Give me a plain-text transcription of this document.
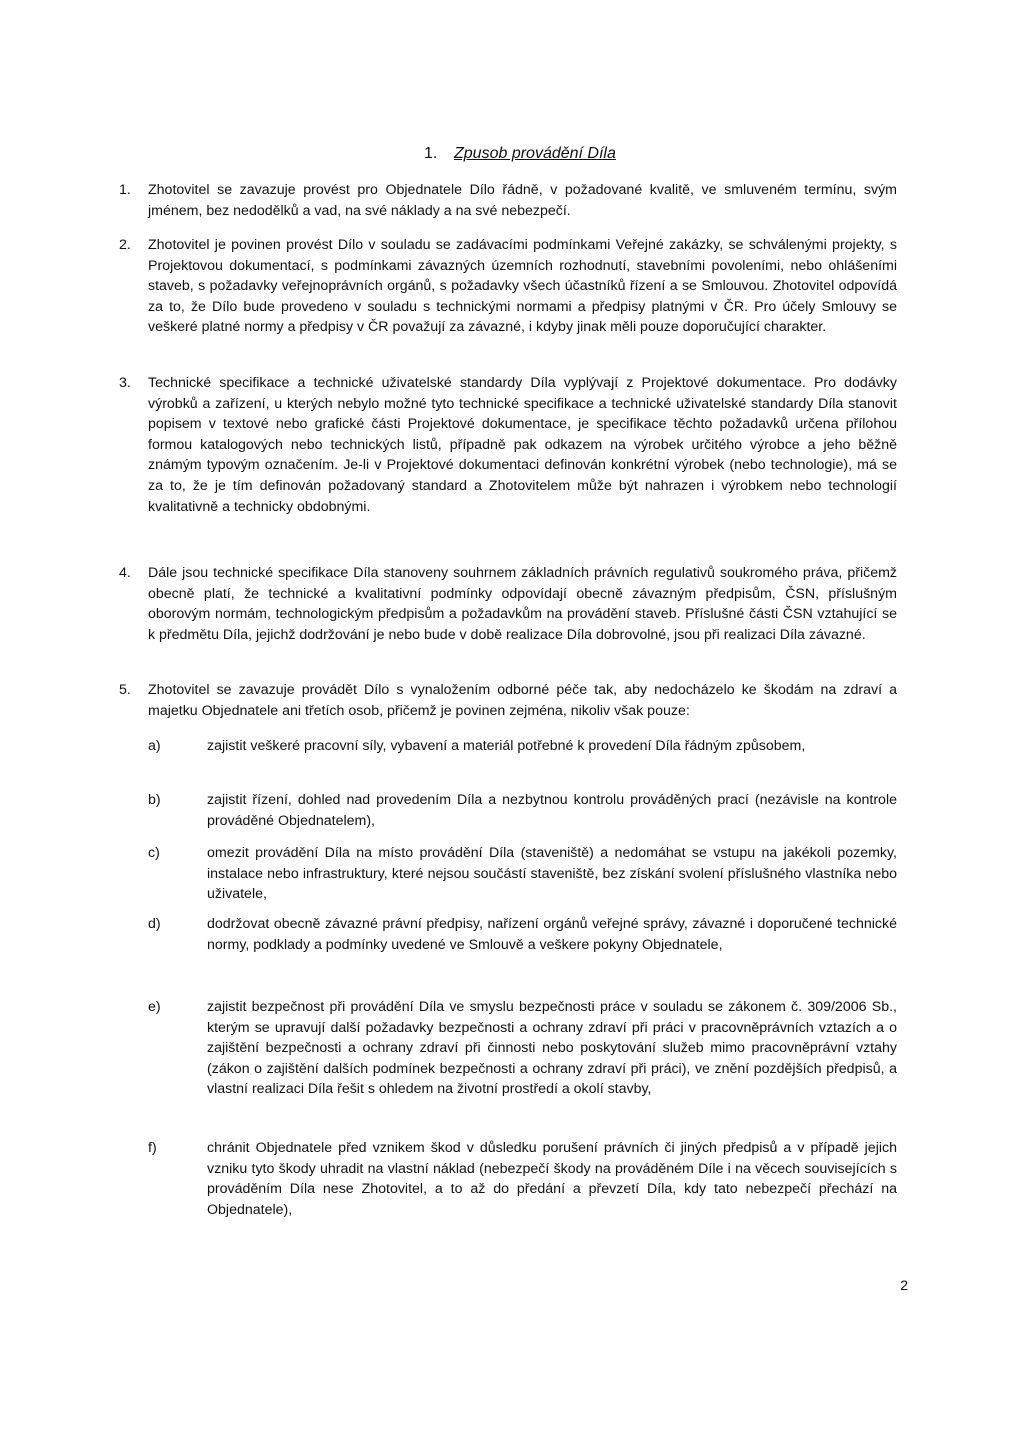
1. Zpusob provádění Díla
1.	Zhotovitel se zavazuje provést pro Objednatele Dílo řádně, v požadované kvalitě, ve smluveném termínu, svým jménem, bez nedodělků a vad, na své náklady a na své nebezpečí.
2.	Zhotovitel je povinen provést Dílo v souladu se zadávacími podmínkami Veřejné zakázky, se schválenými projekty, s Projektovou dokumentací, s podmínkami závazných územních rozhodnutí, stavebními povoleními, nebo ohlášeními staveb, s požadavky veřejnoprávních orgánů, s požadavky všech účastníků řízení a se Smlouvou. Zhotovitel odpovídá za to, že Dílo bude provedeno v souladu s technickými normami a předpisy platnými v ČR. Pro účely Smlouvy se veškeré platné normy a předpisy v ČR považují za závazné, i kdyby jinak měli pouze doporučující charakter.
3.	Technické specifikace a technické uživatelské standardy Díla vyplývají z Projektové dokumentace. Pro dodávky výrobků a zařízení, u kterých nebylo možné tyto technické specifikace a technické uživatelské standardy Díla stanovit popisem v textové nebo grafické části Projektové dokumentace, je specifikace těchto požadavků určena přílohou formou katalogových nebo technických listů, případně pak odkazem na výrobek určitého výrobce a jeho běžně známým typovým označením. Je-li v Projektové dokumentaci definován konkrétní výrobek (nebo technologie), má se za to, že je tím definován požadovaný standard a Zhotovitelem může být nahrazen i výrobkem nebo technologií kvalitativně a technicky obdobnými.
4.	Dále jsou technické specifikace Díla stanoveny souhrnem základních právních regulativů soukromého práva, přičemž obecně platí, že technické a kvalitativní podmínky odpovídají obecně závazným předpisům, ČSN, příslušným oborovým normám, technologickým předpisům a požadavkům na provádění staveb. Příslušné části ČSN vztahující se k předmětu Díla, jejichž dodržování je nebo bude v době realizace Díla dobrovolné, jsou při realizaci Díla závazné.
5.	Zhotovitel se zavazuje provádět Dílo s vynaložením odborné péče tak, aby nedocházelo ke škodám na zdraví a majetku Objednatele ani třetích osob, přičemž je povinen zejména, nikoliv však pouze:
a)	zajistit veškeré pracovní síly, vybavení a materiál potřebné k provedení Díla řádným způsobem,
b)	zajistit řízení, dohled nad provedením Díla a nezbytnou kontrolu prováděných prací (nezávisle na kontrole prováděné Objednatelem),
c)	omezit provádění Díla na místo provádění Díla (staveniště) a nedomáhat se vstupu na jakékoli pozemky, instalace nebo infrastruktury, které nejsou součástí staveniště, bez získání svolení příslušného vlastníka nebo uživatele,
d)	dodržovat obecně závazné právní předpisy, nařízení orgánů veřejné správy, závazné i doporučené technické normy, podklady a podmínky uvedené ve Smlouvě a veškere pokyny Objednatele,
e)	zajistit bezpečnost při provádění Díla ve smyslu bezpečnosti práce v souladu se zákonem č. 309/2006 Sb., kterým se upravují další požadavky bezpečnosti a ochrany zdraví při práci v pracovněprávních vztazích a o zajištění bezpečnosti a ochrany zdraví při činnosti nebo poskytování služeb mimo pracovněprávní vztahy (zákon o zajištění dalších podmínek bezpečnosti a ochrany zdraví při práci), ve znění pozdějších předpisů, a vlastní realizaci Díla řešit s ohledem na životní prostředí a okolí stavby,
f)	chránit Objednatele před vznikem škod v důsledku porušení právních či jiných předpisů a v případě jejich vzniku tyto škody uhradit na vlastní náklad (nebezpečí škody na prováděném Díle i na věcech souvisejících s prováděním Díla nese Zhotovitel, a to až do předání a převzetí Díla, kdy tato nebezpečí přechází na Objednatele),
2
